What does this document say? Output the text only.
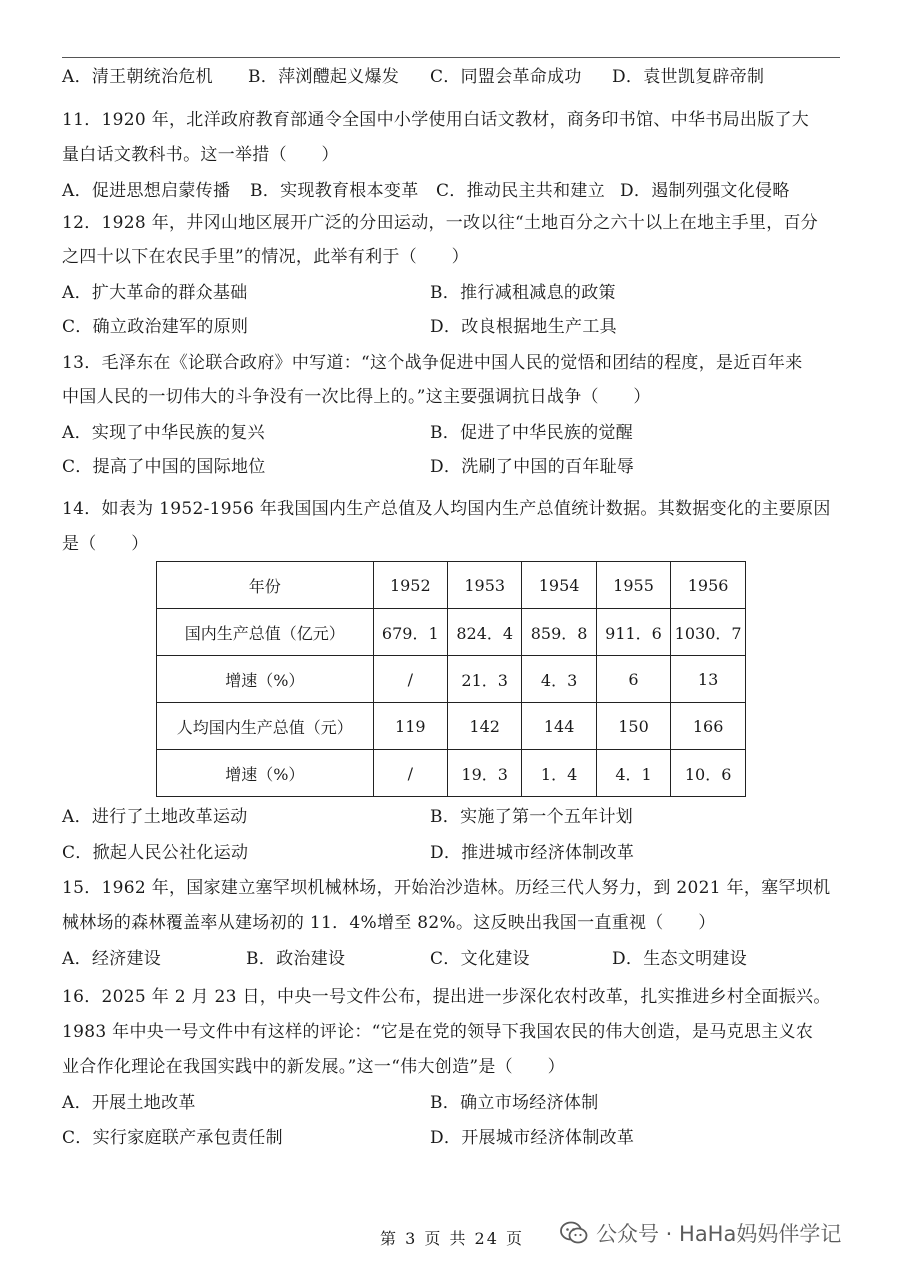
A．清王朝统治危机 B．萍浏醴起义爆发 C．同盟会革命成功 D．袁世凯复辟帝制
11．1920 年，北洋政府教育部通令全国中小学使用白话文教材，商务印书馆、中华书局出版了大
量白话文教科书。这一举措（　　）
A．促进思想启蒙传播 B．实现教育根本变革 C．推动民主共和建立 D．遏制列强文化侵略
12．1928 年，井冈山地区展开广泛的分田运动，一改以往“土地百分之六十以上在地主手里，百分
之四十以下在农民手里”的情况，此举有利于（　　）
A．扩大革命的群众基础	B．推行减租减息的政策
C．确立政治建军的原则	D．改良根据地生产工具
13．毛泽东在《论联合政府》中写道：“这个战争促进中国人民的觉悟和团结的程度，是近百年来
中国人民的一切伟大的斗争没有一次比得上的。”这主要强调抗日战争（　　）
A．实现了中华民族的复兴	B．促进了中华民族的觉醒
C．提高了中国的国际地位	D．洗刷了中国的百年耻辱
14．如表为 1952-1956 年我国国内生产总值及人均国内生产总值统计数据。其数据变化的主要原因
是（　　）
年份	1952	1953	1954	1955	1956
国内生产总值（亿元）	679．1	824．4	859．8	911．6	1030．7
增速（%）	/	21．3	4．3	6	13
人均国内生产总值（元）	119	142	144	150	166
增速（%）	/	19．3	1．4	4．1	10．6
A．进行了土地改革运动	B．实施了第一个五年计划
C．掀起人民公社化运动	D．推进城市经济体制改革
15．1962 年，国家建立塞罕坝机械林场，开始治沙造林。历经三代人努力，到 2021 年，塞罕坝机
械林场的森林覆盖率从建场初的 11．4%增至 82%。这反映出我国一直重视（　　）
A．经济建设	B．政治建设	C．文化建设	D．生态文明建设
16．2025 年 2 月 23 日，中央一号文件公布，提出进一步深化农村改革，扎实推进乡村全面振兴。
1983 年中央一号文件中有这样的评论：“它是在党的领导下我国农民的伟大创造，是马克思主义农
业合作化理论在我国实践中的新发展。”这一“伟大创造”是（　　）
A．开展土地改革	B．确立市场经济体制
C．实行家庭联产承包责任制	D．开展城市经济体制改革
第 3 页 共 24 页	公众号 · HaHa妈妈伴学记
